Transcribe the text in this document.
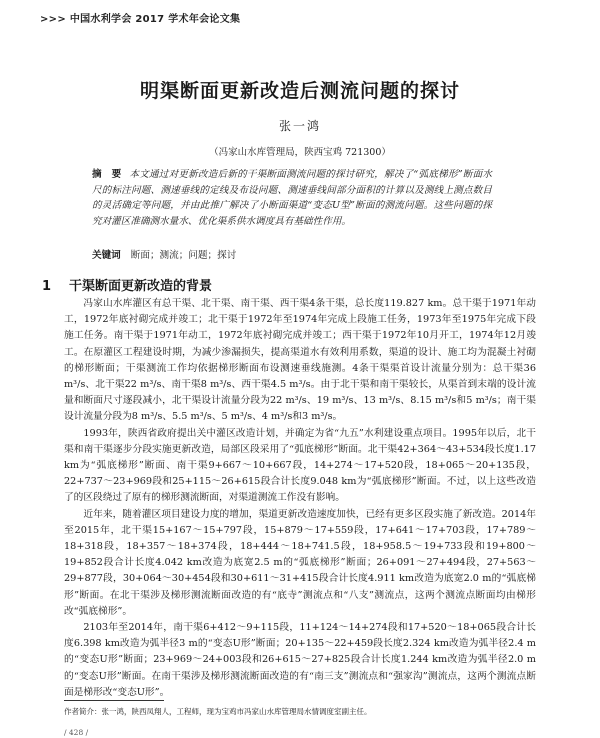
>>> 中国水利学会 2017 学术年会论文集
明渠断面更新改造后测流问题的探讨
张一鸿
（冯家山水库管理局，陕西宝鸡 721300）
摘　要 本文通过对更新改造后新的干渠断面测流问题的探讨研究，解决了“弧底梯形”断面水尺的标注问题、测速垂线的定线及布设问题、测速垂线间部分面积的计算以及测线上测点数目的灵活确定等问题，并由此推广解决了小断面渠道“变态U型”断面的测流问题。这些问题的探究对灌区准确测水量水、优化渠系供水调度具有基础性作用。
关键词 断面；测流；问题；探讨
1 干渠断面更新改造的背景

冯家山水库灌区有总干渠、北干渠、南干渠、西干渠4条干渠，总长度119.827 km。总干渠于1971年动工，1972年底衬砌完成并竣工；北干渠于1972年至1974年完成上段施工任务，1973年至1975年完成下段施工任务。南干渠于1971年动工，1972年底衬砌完成并竣工；西干渠于1972年10月开工，1974年12月竣工。在原灌区工程建设时期，为减少渗漏损失，提高渠道水有效利用系数，渠道的设计、施工均为混凝土衬砌的梯形断面；干渠测流工作均依据梯形断面布设测速垂线施测。4条干渠渠首设计流量分别为：总干渠36 m³/s、北干渠22 m³/s、南干渠8 m³/s、西干渠4.5 m³/s。由于北干渠和南干渠较长，从渠首到末端的设计流量和断面尺寸逐段减小，北干渠设计流量分段为22 m³/s、19 m³/s、13 m³/s、8.15 m³/s和5 m³/s；南干渠设计流量分段为8 m³/s、5.5 m³/s、5 m³/s、4 m³/s和3 m³/s。

1993年，陕西省政府提出关中灌区改造计划，并确定为省“九五”水利建设重点项目。1995年以后，北干渠和南干渠逐步分段实施更新改造，局部区段采用了“弧底梯形”断面。北干渠42+364～43+534段长度1.17 km为“弧底梯形”断面、南干渠9+667～10+667段，14+274～17+520段，18+065～20+135段，22+737～23+969段和25+115～26+615段合计长度9.048 km为“弧底梯形”断面。不过，以上这些改造了的区段绕过了原有的梯形测流断面，对渠道测流工作没有影响。

近年来，随着灌区项目建设力度的增加，渠道更新改造速度加快，已经有更多区段实施了新改造。2014年至2015年，北干渠15+167～15+797段，15+879～17+559段，17+641～17+703段，17+789～18+318段，18+357～18+374段，18+444～18+741.5段，18+958.5～19+733段和19+800～19+852段合计长度4.042 km改造为底宽2.5 m的“弧底梯形”断面；26+091～27+494段，27+563～29+877段，30+064～30+454段和30+611～31+415段合计长度4.911 km改造为底宽2.0 m的“弧底梯形”断面。在北干渠涉及梯形测流断面改造的有“底寺”测流点和“八支”测流点，这两个测流点断面均由梯形改“弧底梯形”。

2103年至2014年，南干渠6+412～9+115段，11+124～14+274段和17+520～18+065段合计长度6.398 km改造为弧半径3 m的“变态U形”断面；20+135～22+459段长度2.324 km改造为弧半径2.4 m的“变态U形”断面；23+969～24+003段和26+615～27+825段合计长度1.244 km改造为弧半径2.0 m的“变态U形”断面。在南干渠涉及梯形测流断面改造的有“南三支”测流点和“强家沟”测流点，这两个测流点断面是梯形改“变态U形”。

作者简介：张一鸿，陕西凤翔人，工程师，现为宝鸡市冯家山水库管理局水情调度室副主任。
/ 428 /
